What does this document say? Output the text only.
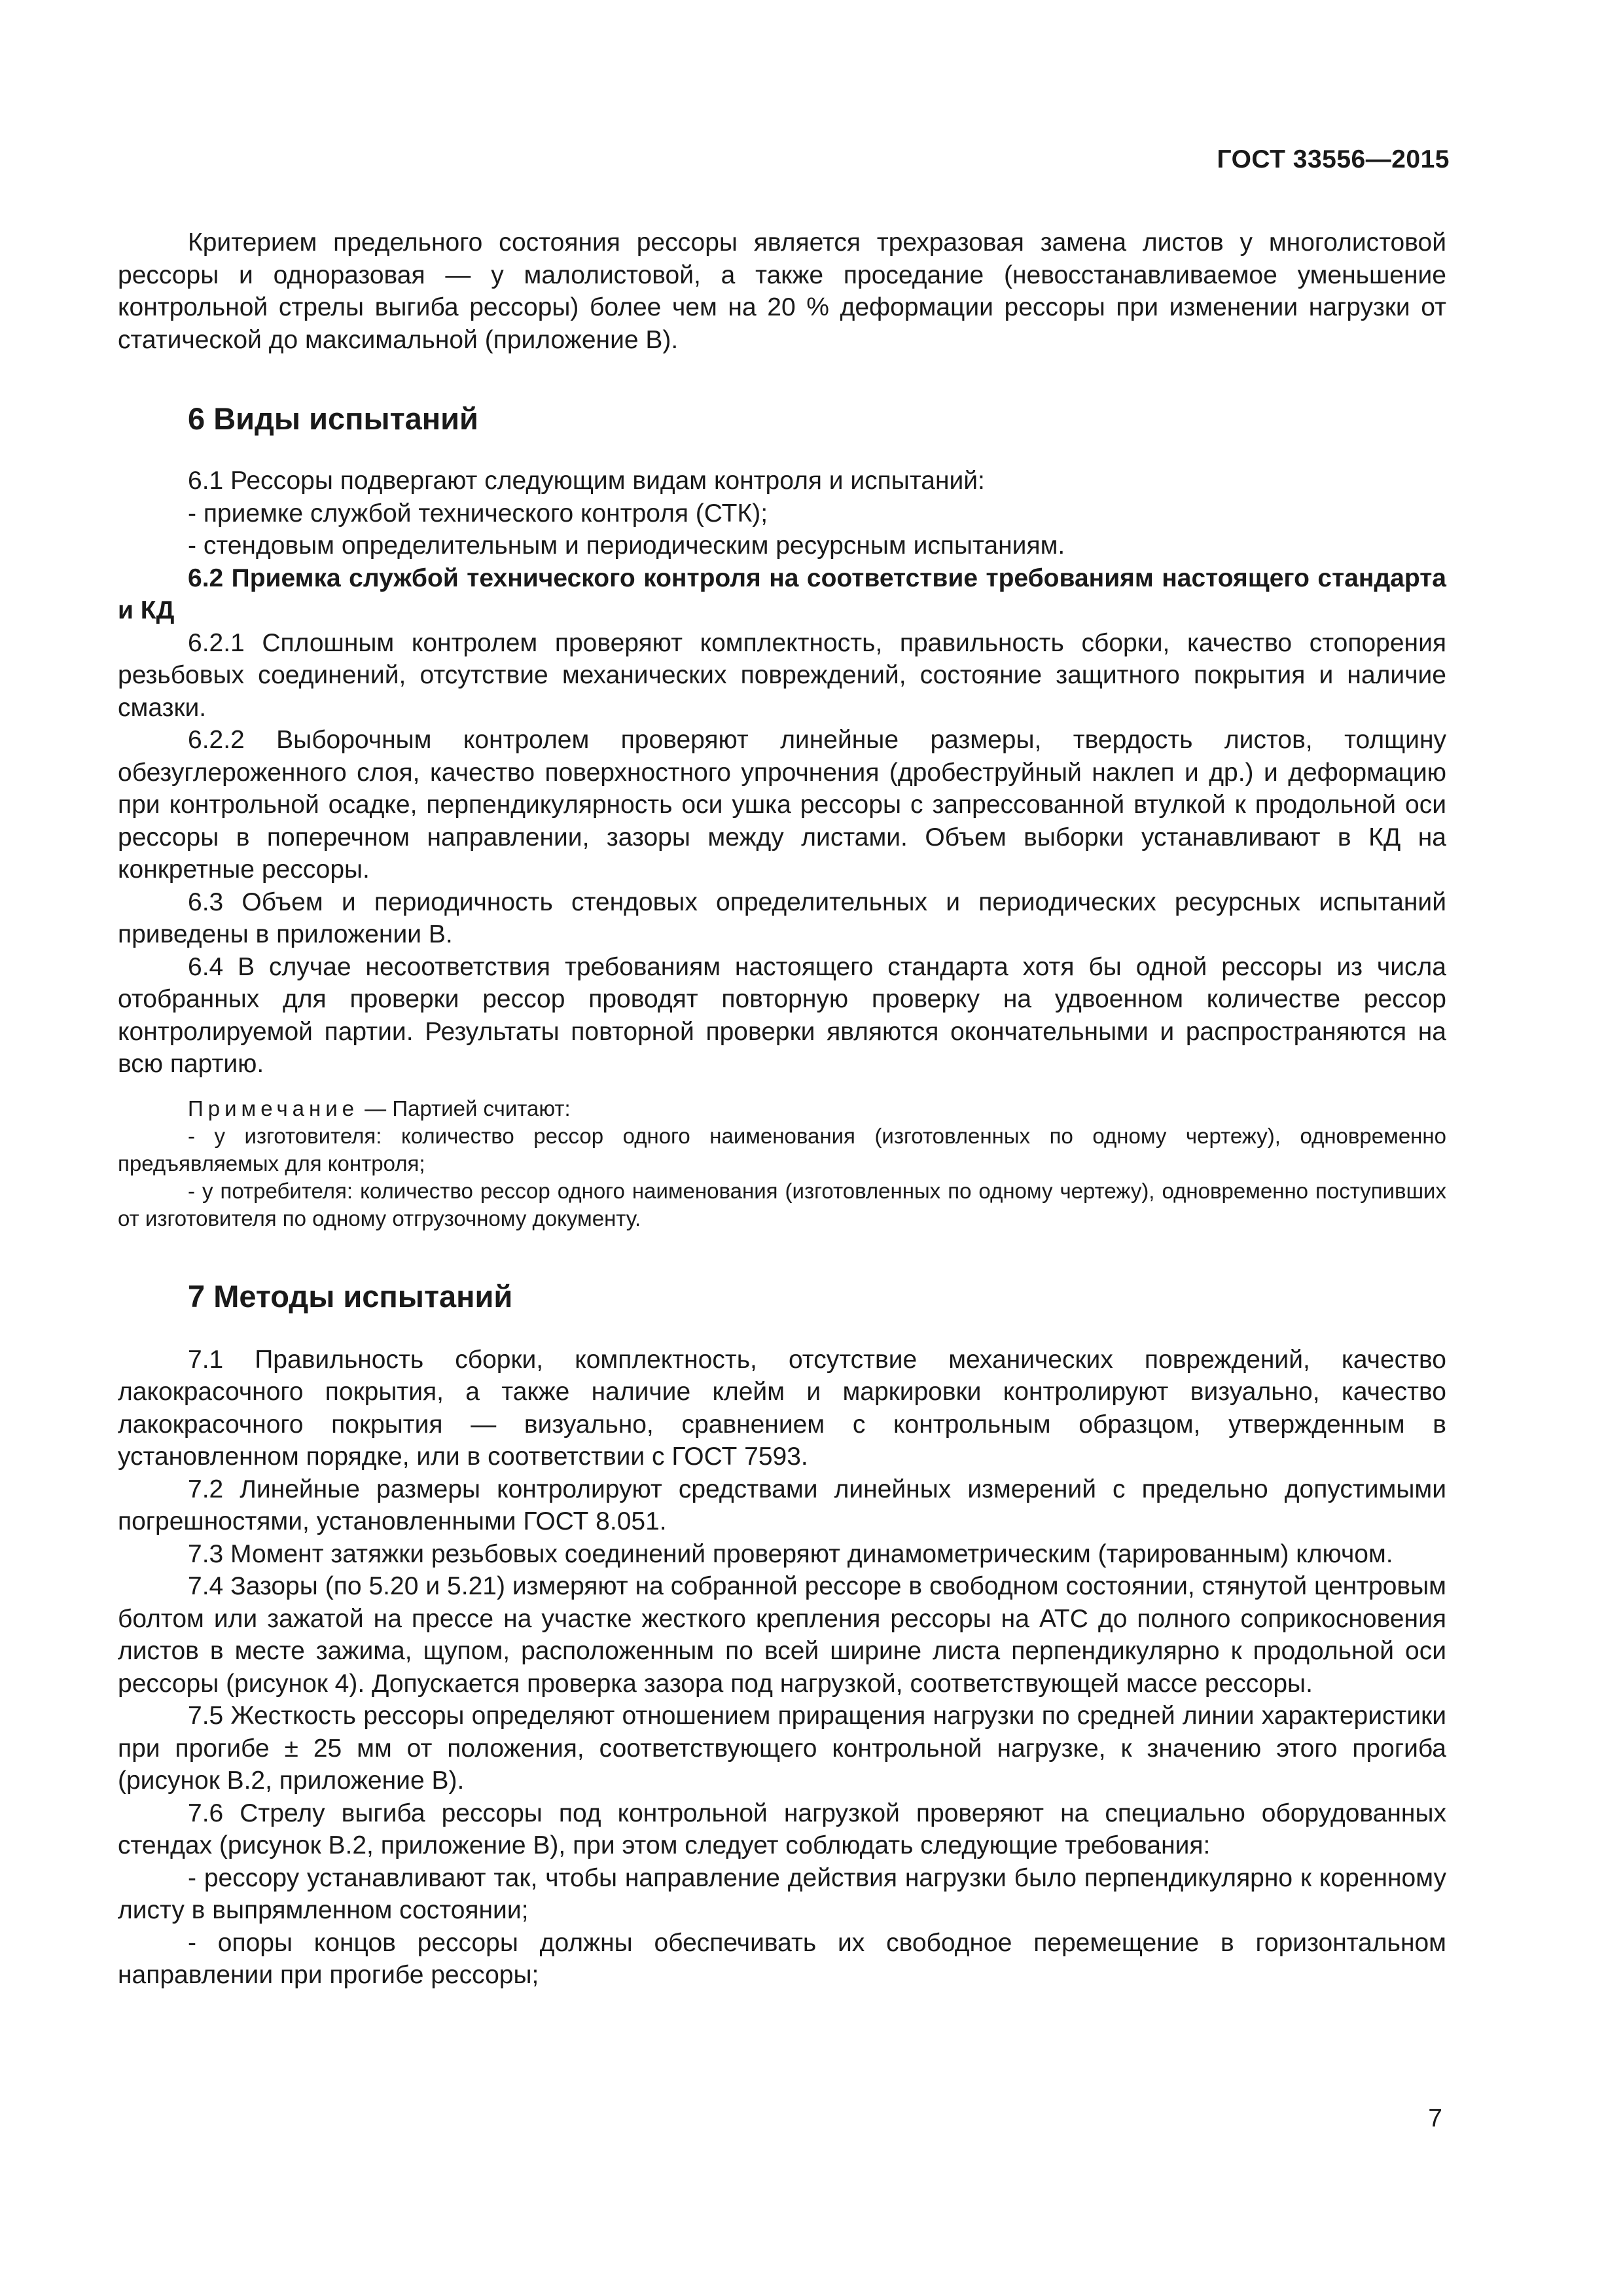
ГОСТ 33556—2015

Критерием предельного состояния рессоры является трехразовая замена листов у многолистовой рессоры и одноразовая — у малолистовой, а также проседание (невосстанавливаемое уменьшение контрольной стрелы выгиба рессоры) более чем на 20 % деформации рессоры при изменении нагрузки от статической до максимальной (приложение В).

6 Виды испытаний

6.1 Рессоры подвергают следующим видам контроля и испытаний:

- приемке службой технического контроля (СТК);

- стендовым определительным и периодическим ресурсным испытаниям.

6.2 Приемка службой технического контроля на соответствие требованиям настоящего стандарта и КД

6.2.1 Сплошным контролем проверяют комплектность, правильность сборки, качество стопорения резьбовых соединений, отсутствие механических повреждений, состояние защитного покрытия и наличие смазки.

6.2.2 Выборочным контролем проверяют линейные размеры, твердость листов, толщину обезуглероженного слоя, качество поверхностного упрочнения (дробеструйный наклеп и др.) и деформацию при контрольной осадке, перпендикулярность оси ушка рессоры с запрессованной втулкой к продольной оси рессоры в поперечном направлении, зазоры между листами. Объем выборки устанавливают в КД на конкретные рессоры.

6.3 Объем и периодичность стендовых определительных и периодических ресурсных испытаний приведены в приложении В.

6.4 В случае несоответствия требованиям настоящего стандарта хотя бы одной рессоры из числа отобранных для проверки рессор проводят повторную проверку на удвоенном количестве рессор контролируемой партии. Результаты повторной проверки являются окончательными и распространяются на всю партию.

Примечание — Партией считают:

- у изготовителя: количество рессор одного наименования (изготовленных по одному чертежу), одновременно предъявляемых для контроля;

- у потребителя: количество рессор одного наименования (изготовленных по одному чертежу), одновременно поступивших от изготовителя по одному отгрузочному документу.

7 Методы испытаний

7.1 Правильность сборки, комплектность, отсутствие механических повреждений, качество лакокрасочного покрытия, а также наличие клейм и маркировки контролируют визуально, качество лакокрасочного покрытия — визуально, сравнением с контрольным образцом, утвержденным в установленном порядке, или в соответствии с ГОСТ 7593.

7.2 Линейные размеры контролируют средствами линейных измерений с предельно допустимыми погрешностями, установленными ГОСТ 8.051.

7.3 Момент затяжки резьбовых соединений проверяют динамометрическим (тарированным) ключом.

7.4 Зазоры (по 5.20 и 5.21) измеряют на собранной рессоре в свободном состоянии, стянутой центровым болтом или зажатой на прессе на участке жесткого крепления рессоры на АТС до полного соприкосновения листов в месте зажима, щупом, расположенным по всей ширине листа перпендикулярно к продольной оси рессоры (рисунок 4). Допускается проверка зазора под нагрузкой, соответствующей массе рессоры.

7.5 Жесткость рессоры определяют отношением приращения нагрузки по средней линии характеристики при прогибе ± 25 мм от положения, соответствующего контрольной нагрузке, к значению этого прогиба (рисунок В.2, приложение В).

7.6 Стрелу выгиба рессоры под контрольной нагрузкой проверяют на специально оборудованных стендах (рисунок В.2, приложение В), при этом следует соблюдать следующие требования:

- рессору устанавливают так, чтобы направление действия нагрузки было перпендикулярно к коренному листу в выпрямленном состоянии;

- опоры концов рессоры должны обеспечивать их свободное перемещение в горизонтальном направлении при прогибе рессоры;

7
